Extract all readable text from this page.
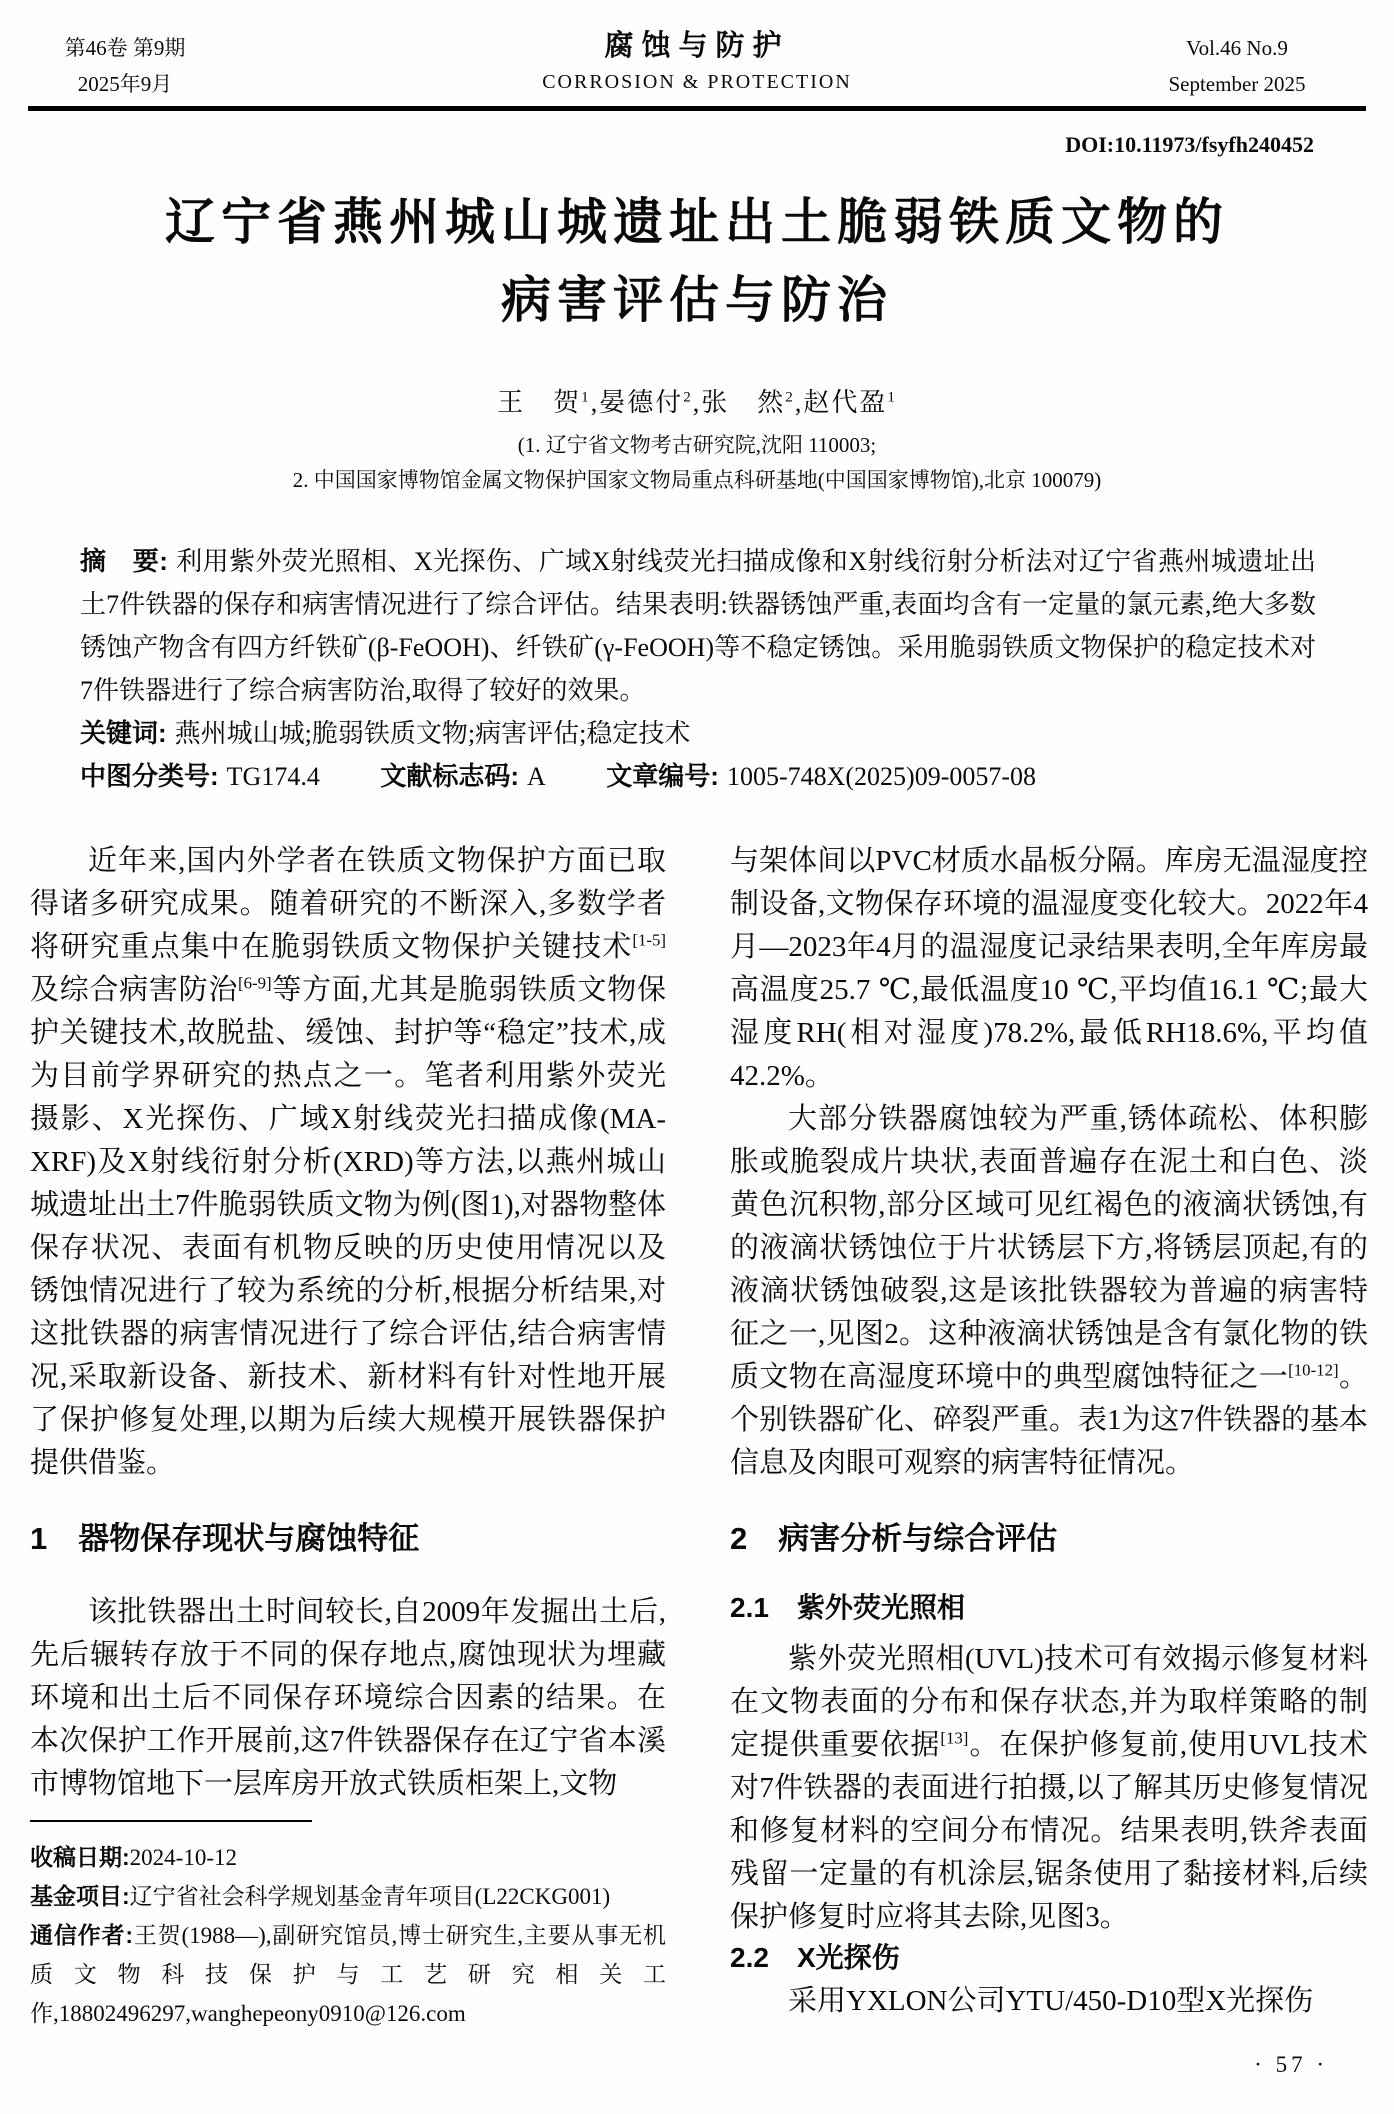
第46卷 第9期
2025年9月
腐蚀与防护
CORROSION & PROTECTION
Vol.46 No.9
September 2025
DOI:10.11973/fsyfh240452
辽宁省燕州城山城遗址出土脆弱铁质文物的
病害评估与防治
王　贺$^1$,晏德付$^2$,张　然$^2$,赵代盈$^1$
(1. 辽宁省文物考古研究院,沈阳 110003;
2. 中国国家博物馆金属文物保护国家文物局重点科研基地(中国国家博物馆),北京 100079)

摘　要: 利用紫外荧光照相、X光探伤、广域X射线荧光扫描成像和X射线衍射分析法对辽宁省燕州城遗址出土7件铁器的保存和病害情况进行了综合评估。结果表明:铁器锈蚀严重,表面均含有一定量的氯元素,绝大多数锈蚀产物含有四方纤铁矿(β-FeOOH)、纤铁矿(γ-FeOOH)等不稳定锈蚀。采用脆弱铁质文物保护的稳定技术对7件铁器进行了综合病害防治,取得了较好的效果。

关键词: 燕州城山城;脆弱铁质文物;病害评估;稳定技术

中图分类号: TG174.4 文献标志码: A 文章编号: 1005-748X(2025)09-0057-08

近年来,国内外学者在铁质文物保护方面已取得诸多研究成果。随着研究的不断深入,多数学者将研究重点集中在脆弱铁质文物保护关键技术[1-5]及综合病害防治[6-9]等方面,尤其是脆弱铁质文物保护关键技术,故脱盐、缓蚀、封护等“稳定”技术,成为目前学界研究的热点之一。笔者利用紫外荧光摄影、X光探伤、广域X射线荧光扫描成像(MA-XRF)及X射线衍射分析(XRD)等方法,以燕州城山城遗址出土7件脆弱铁质文物为例(图1),对器物整体保存状况、表面有机物反映的历史使用情况以及锈蚀情况进行了较为系统的分析,根据分析结果,对这批铁器的病害情况进行了综合评估,结合病害情况,采取新设备、新技术、新材料有针对性地开展了保护修复处理,以期为后续大规模开展铁器保护提供借鉴。

1 器物保存现状与腐蚀特征

该批铁器出土时间较长,自2009年发掘出土后,先后辗转存放于不同的保存地点,腐蚀现状为埋藏环境和出土后不同保存环境综合因素的结果。在本次保护工作开展前,这7件铁器保存在辽宁省本溪市博物馆地下一层库房开放式铁质柜架上,文物

收稿日期:2024-10-12

基金项目:辽宁省社会科学规划基金青年项目(L22CKG001)

通信作者:王贺(1988—),副研究馆员,博士研究生,主要从事无机质文物科技保护与工艺研究相关工作,18802496297,wanghepeony0910@126.com

与架体间以PVC材质水晶板分隔。库房无温湿度控制设备,文物保存环境的温湿度变化较大。2022年4月—2023年4月的温湿度记录结果表明,全年库房最高温度25.7 ℃,最低温度10 ℃,平均值16.1 ℃;最大湿度RH(相对湿度)78.2%,最低RH18.6%,平均值42.2%。

大部分铁器腐蚀较为严重,锈体疏松、体积膨胀或脆裂成片块状,表面普遍存在泥土和白色、淡黄色沉积物,部分区域可见红褐色的液滴状锈蚀,有的液滴状锈蚀位于片状锈层下方,将锈层顶起,有的液滴状锈蚀破裂,这是该批铁器较为普遍的病害特征之一,见图2。这种液滴状锈蚀是含有氯化物的铁质文物在高湿度环境中的典型腐蚀特征之一[10-12]。个别铁器矿化、碎裂严重。表1为这7件铁器的基本信息及肉眼可观察的病害特征情况。

2 病害分析与综合评估
2.1 紫外荧光照相

紫外荧光照相(UVL)技术可有效揭示修复材料在文物表面的分布和保存状态,并为取样策略的制定提供重要依据[13]。在保护修复前,使用UVL技术对7件铁器的表面进行拍摄,以了解其历史修复情况和修复材料的空间分布情况。结果表明,铁斧表面残留一定量的有机涂层,锯条使用了黏接材料,后续保护修复时应将其去除,见图3。

2.2 X光探伤

采用YXLON公司YTU/450-D10型X光探伤

· 57 ·
